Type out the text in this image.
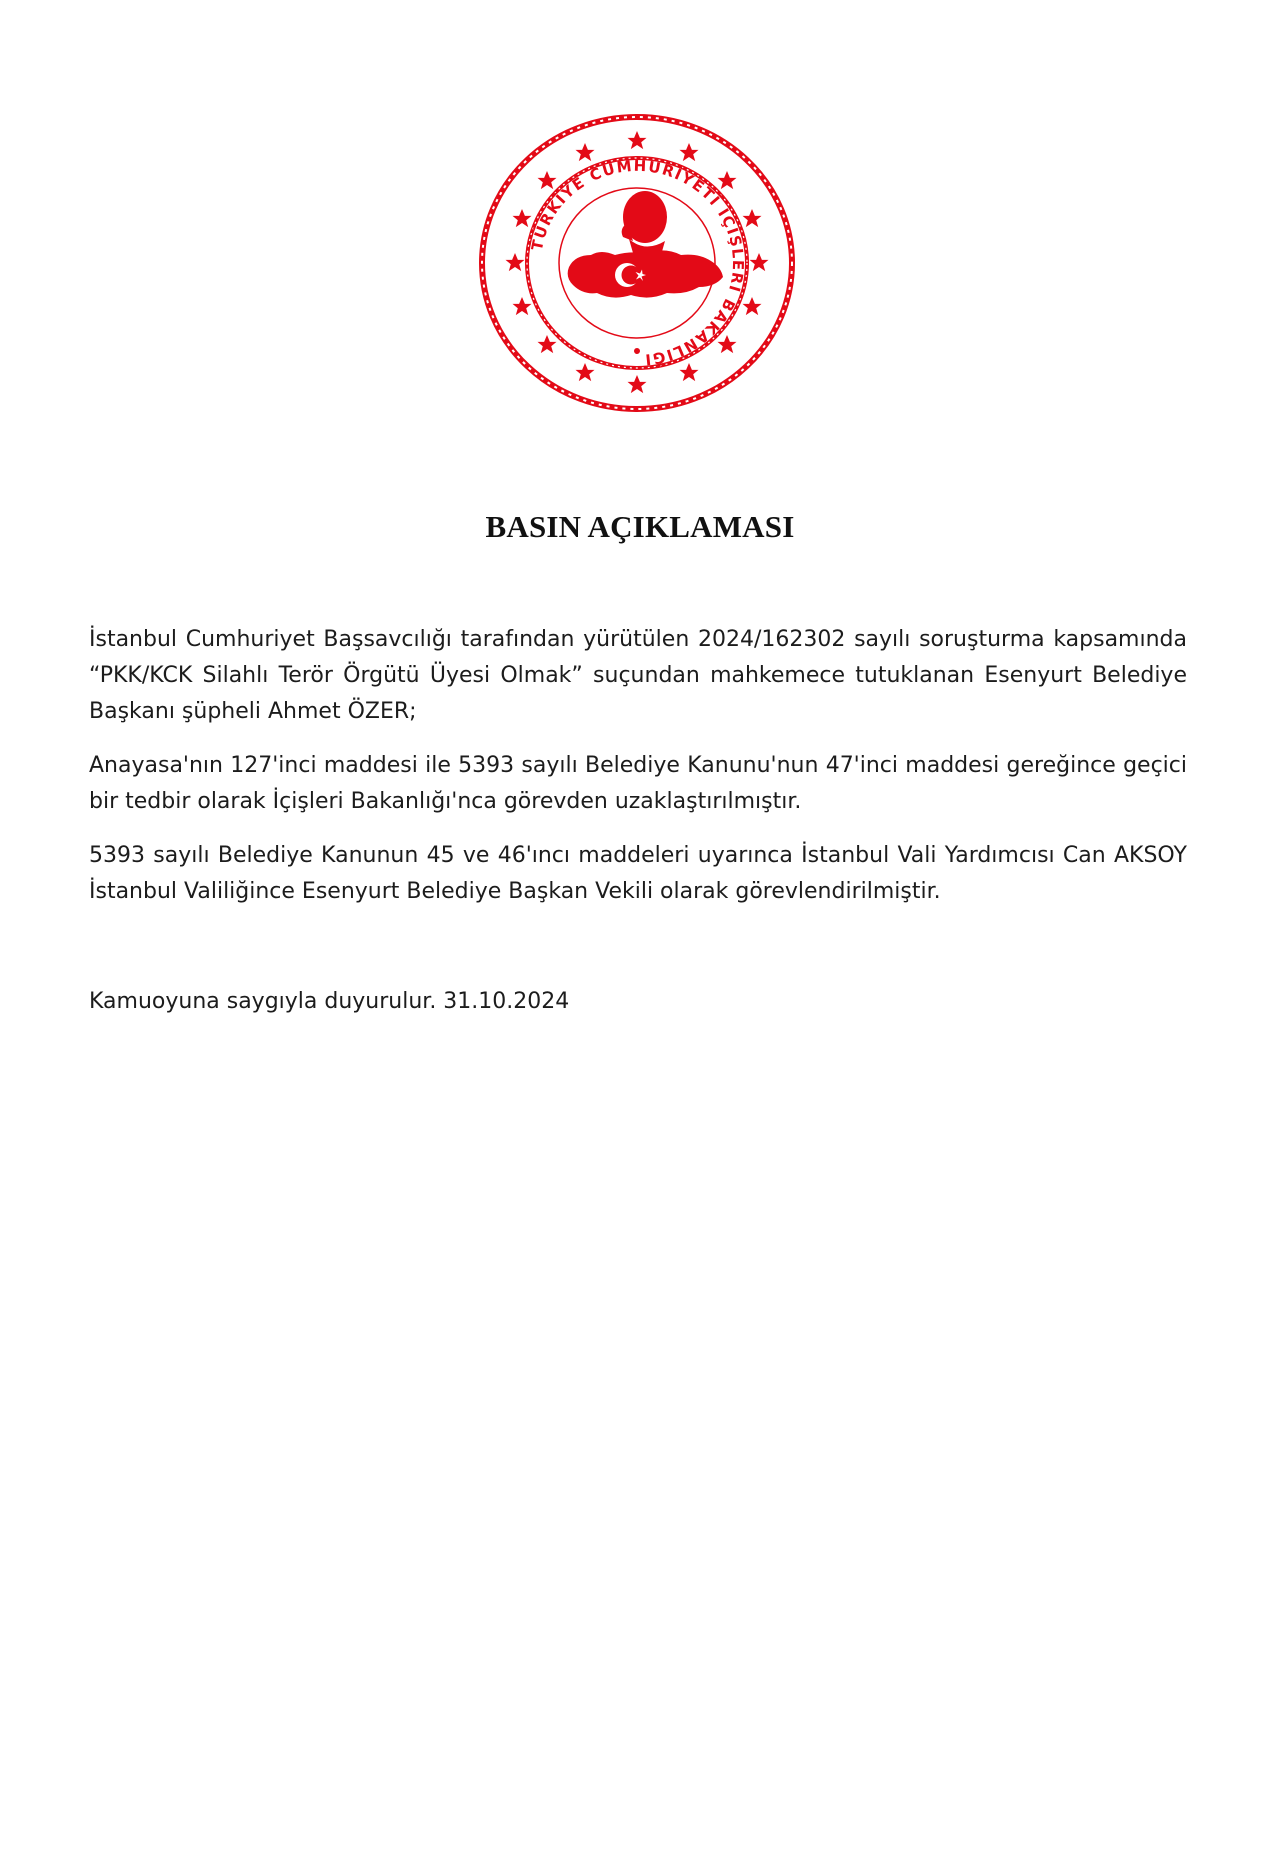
TÜRKİYE CUMHURİYETİ İÇİŞLERİ BAKANLIĞI
BASIN AÇIKLAMASI

İstanbul Cumhuriyet Başsavcılığı tarafından yürütülen 2024/162302 sayılı soruşturma kapsamında “PKK/KCK Silahlı Terör Örgütü Üyesi Olmak” suçundan mahkemece tutuklanan Esenyurt Belediye Başkanı şüpheli Ahmet ÖZER;

Anayasa'nın 127'inci maddesi ile 5393 sayılı Belediye Kanunu'nun 47'inci maddesi gereğince geçici bir tedbir olarak İçişleri Bakanlığı'nca görevden uzaklaştırılmıştır.

5393 sayılı Belediye Kanunun 45 ve 46'ıncı maddeleri uyarınca İstanbul Vali Yardımcısı Can AKSOY İstanbul Valiliğince Esenyurt Belediye Başkan Vekili olarak görevlendirilmiştir.

Kamuoyuna saygıyla duyurulur. 31.10.2024
